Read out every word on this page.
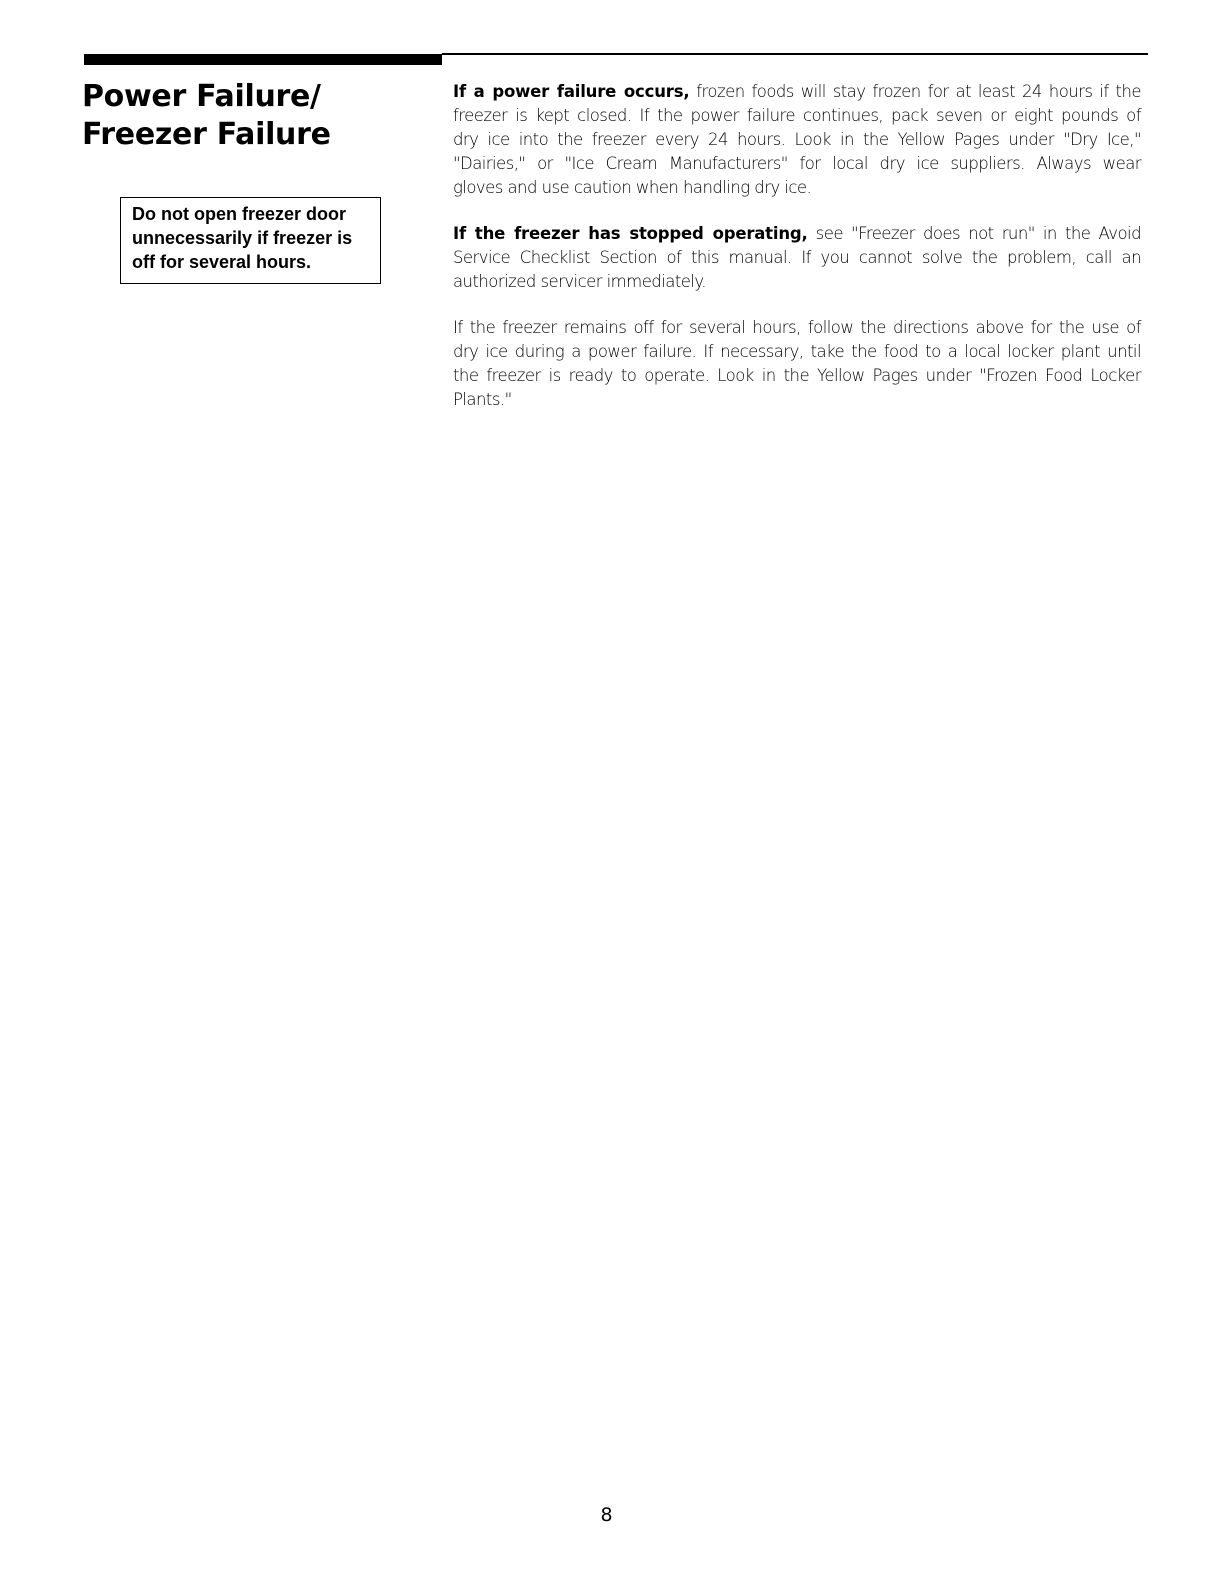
Power Failure/
Freezer Failure
Do not open freezer door
unnecessarily if freezer is
off for several hours.

If a power failure occurs, frozen foods will stay frozen for at least 24 hours if the
freezer is kept closed. If the power failure continues, pack seven or eight pounds of
dry ice into the freezer every 24 hours. Look in the Yellow Pages under "Dry Ice,"
"Dairies," or "Ice Cream Manufacturers" for local dry ice suppliers. Always wear
gloves and use caution when handling dry ice.

If the freezer has stopped operating, see "Freezer does not run" in the Avoid
Service Checklist Section of this manual. If you cannot solve the problem, call an
authorized servicer immediately.

If the freezer remains off for several hours, follow the directions above for the use of
dry ice during a power failure. If necessary, take the food to a local locker plant until
the freezer is ready to operate. Look in the Yellow Pages under "Frozen Food Locker
Plants."

8
